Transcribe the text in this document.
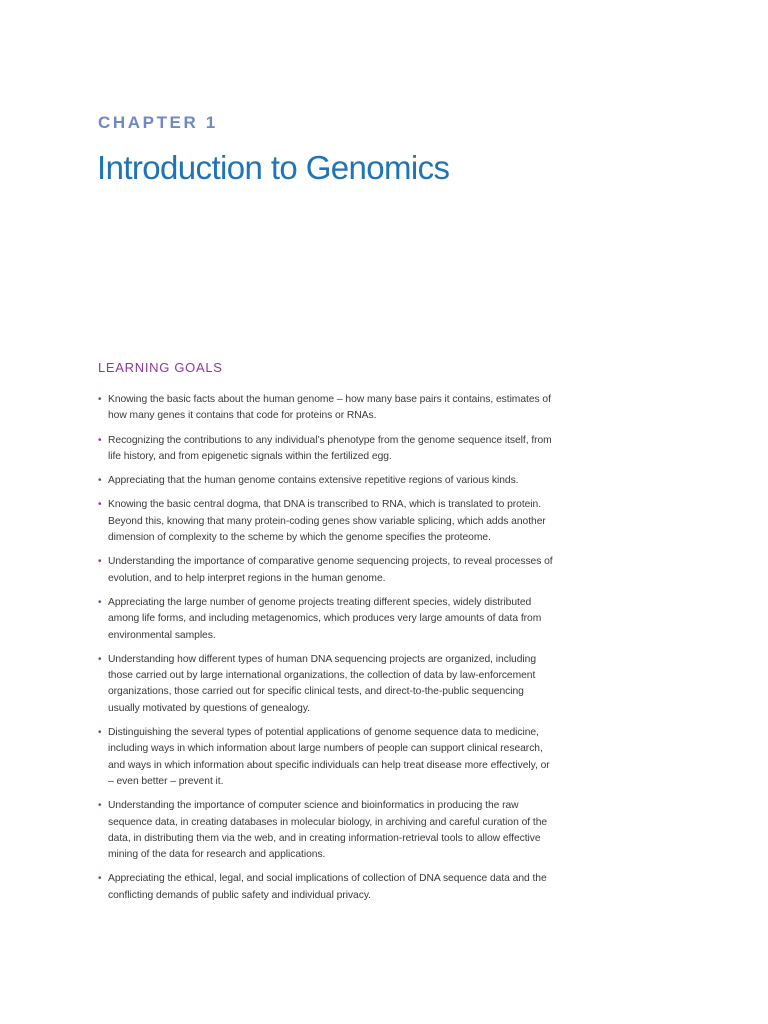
CHAPTER 1
Introduction to Genomics
LEARNING GOALS
• Knowing the basic facts about the human genome – how many base pairs it contains, estimates of how many genes it contains that code for proteins or RNAs.
• Recognizing the contributions to any individual’s phenotype from the genome sequence itself, from life history, and from epigenetic signals within the fertilized egg.
• Appreciating that the human genome contains extensive repetitive regions of various kinds.
• Knowing the basic central dogma, that DNA is transcribed to RNA, which is translated to protein. Beyond this, knowing that many protein-coding genes show variable splicing, which adds another dimension of complexity to the scheme by which the genome specifies the proteome.
• Understanding the importance of comparative genome sequencing projects, to reveal processes of evolution, and to help interpret regions in the human genome.
• Appreciating the large number of genome projects treating different species, widely distributed among life forms, and including metagenomics, which produces very large amounts of data from environmental samples.
• Understanding how different types of human DNA sequencing projects are organized, including those carried out by large international organizations, the collection of data by law-enforcement organizations, those carried out for specific clinical tests, and direct-to-the-public sequencing usually motivated by questions of genealogy.
• Distinguishing the several types of potential applications of genome sequence data to medicine, including ways in which information about large numbers of people can support clinical research, and ways in which information about specific individuals can help treat disease more effectively, or – even better – prevent it.
• Understanding the importance of computer science and bioinformatics in producing the raw sequence data, in creating databases in molecular biology, in archiving and careful curation of the data, in distributing them via the web, and in creating information-retrieval tools to allow effective mining of the data for research and applications.
• Appreciating the ethical, legal, and social implications of collection of DNA sequence data and the conflicting demands of public safety and individual privacy.
